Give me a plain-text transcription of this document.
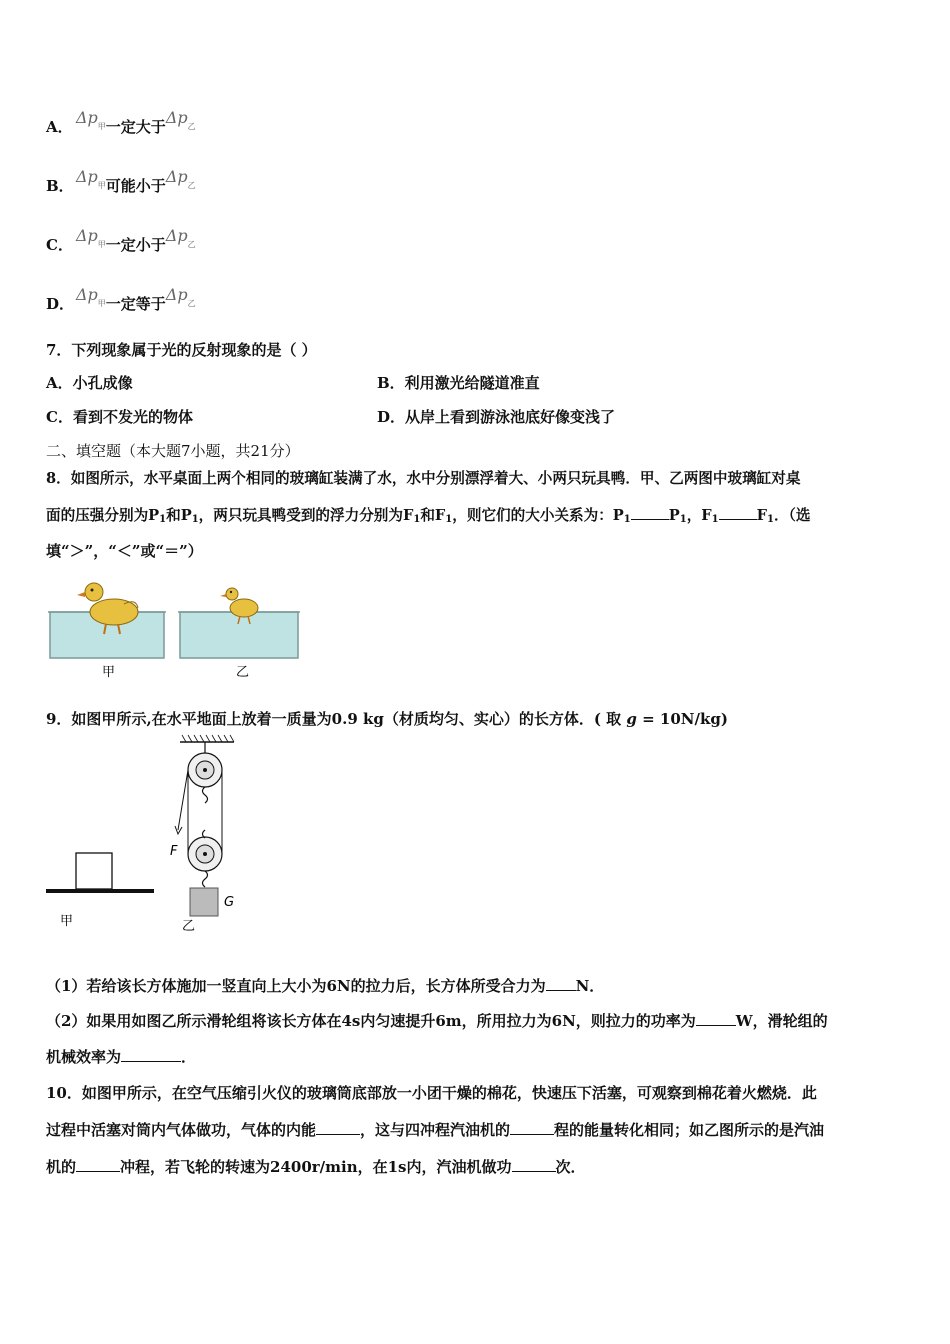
A． $\Delta p_甲$一定大于$\Delta p_乙$
B． $\Delta p_甲$可能小于$\Delta p_乙$
C． $\Delta p_甲$一定小于$\Delta p_乙$
D． $\Delta p_甲$一定等于$\Delta p_乙$
7．下列现象属于光的反射现象的是（ ）
A．小孔成像	B．利用激光给隧道准直
C．看到不发光的物体	D．从岸上看到游泳池底好像变浅了
二、填空题（本大题7小题，共21分）
8．如图所示，水平桌面上两个相同的玻璃缸装满了水，水中分别漂浮着大、小两只玩具鸭．甲、乙两图中玻璃缸对桌
面的压强分别为$P_1$和$P_1$，两只玩具鸭受到的浮力分别为$F_1$和$F_1$，则它们的大小关系为：$P_1$	$P_1$，$F_1$	$F_1$．（选
填“＞”，“＜”或“＝”）
甲	乙
9．如图甲所示,在水平地面上放着一质量为0.9 kg（材质均匀、实心）的长方体．( 取 g = 10N/kg)
甲
F
G
乙
（1）若给该长方体施加一竖直向上大小为6N的拉力后，长方体所受合力为 N．
（2）如果用如图乙所示滑轮组将该长方体在4s内匀速提升6m，所用拉力为6N，则拉力的功率为	W，滑轮组的
机械效率为	．
10．如图甲所示，在空气压缩引火仪的玻璃筒底部放一小团干燥的棉花，快速压下活塞，可观察到棉花着火燃烧．此
过程中活塞对筒内气体做功，气体的内能	，这与四冲程汽油机的	程的能量转化相同；如乙图所示的是汽油
机的	冲程，若飞轮的转速为2400r/min，在1s内，汽油机做功	次．
